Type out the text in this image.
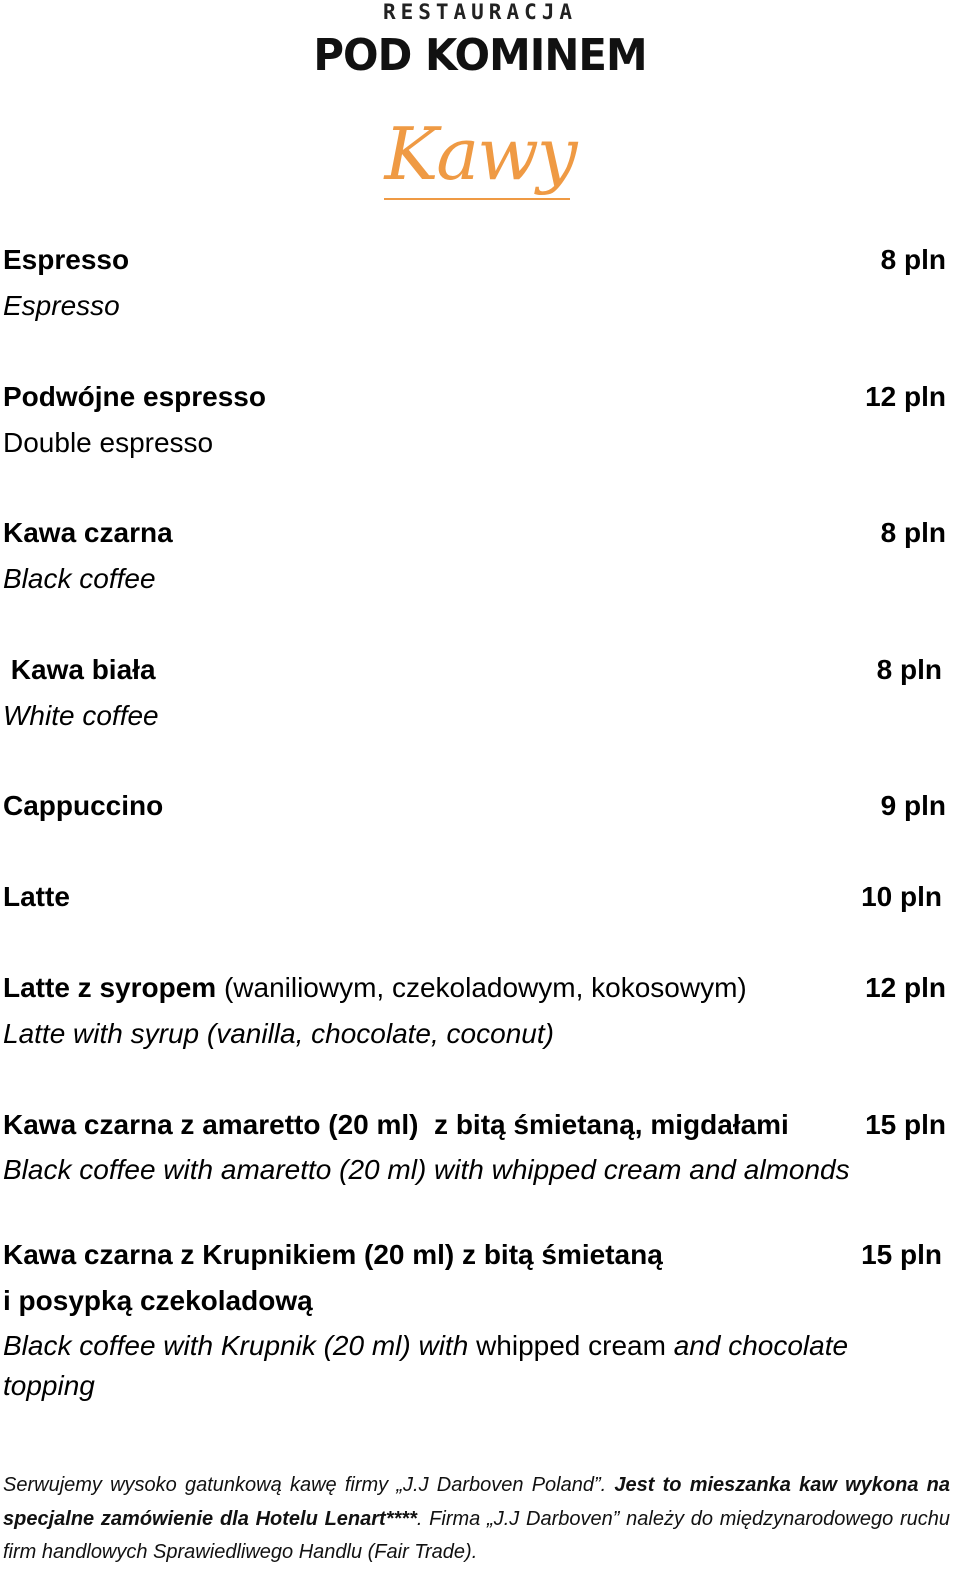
RESTAURACJA
POD KOMINEM
Kawy
Espresso	8 pln
Espresso
Podwójne espresso	12 pln
Double espresso
Kawa czarna	8 pln
Black coffee
Kawa biała	8 pln
White coffee
Cappuccino	9 pln
Latte	10 pln
Latte z syropem (waniliowym, czekoladowym, kokosowym)	12 pln
Latte with syrup (vanilla, chocolate, coconut)
Kawa czarna z amaretto (20 ml)  z bitą śmietaną, migdałami	15 pln
Black coffee with amaretto (20 ml) with whipped cream and almonds
Kawa czarna z Krupnikiem (20 ml) z bitą śmietaną	15 pln
i posypką czekoladową
Black coffee with Krupnik (20 ml) with whipped cream and chocolate
topping
Serwujemy wysoko gatunkową kawę firmy „J.J Darboven Poland”. Jest to mieszanka kaw wykona na specjalne zamówienie dla Hotelu Lenart****. Firma „J.J Darboven” należy do międzynarodowego ruchu firm handlowych Sprawiedliwego Handlu (Fair Trade).
